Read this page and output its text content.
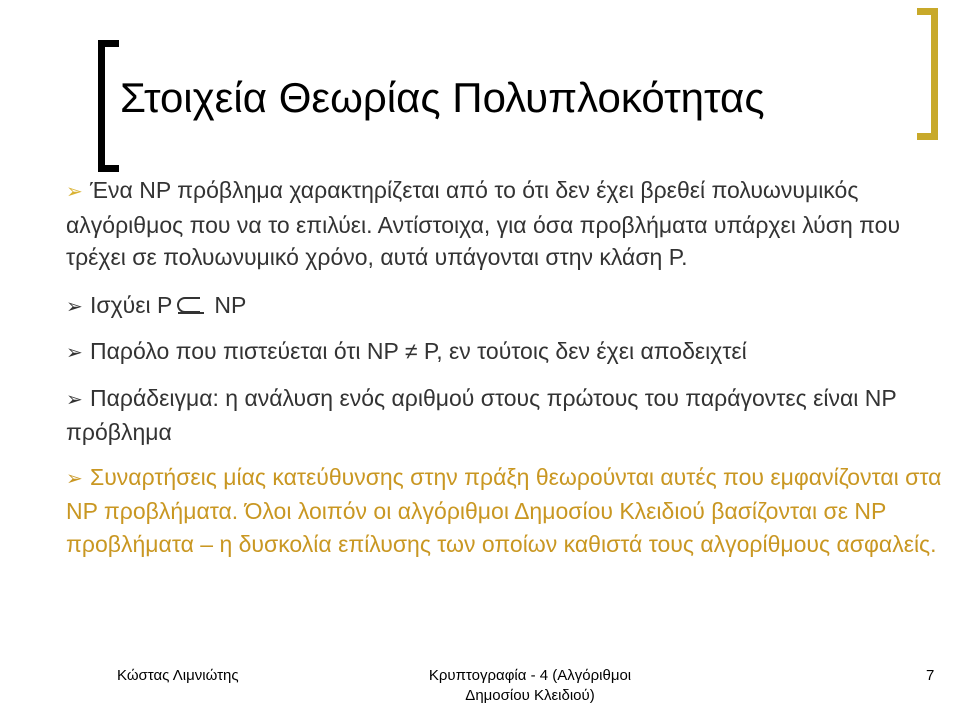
Στοιχεία Θεωρίας Πολυπλοκότητας

➢ Ένα NP πρόβλημα χαρακτηρίζεται από το ότι δεν έχει βρεθεί πολυωνυμικός αλγόριθμος που να το επιλύει. Αντίστοιχα, για όσα προβλήματα υπάρχει λύση που τρέχει σε πολυωνυμικό χρόνο, αυτά υπάγονται στην κλάση P.

➢ Ισχύει P NP

➢ Παρόλο που πιστεύεται ότι NP ≠ P, εν τούτοις δεν έχει αποδειχτεί

➢ Παράδειγμα: η ανάλυση ενός αριθμού στους πρώτους του παράγοντες είναι NP πρόβλημα

➢ Συναρτήσεις μίας κατεύθυνσης στην πράξη θεωρούνται αυτές που εμφανίζονται στα NP προβλήματα. Όλοι λοιπόν οι αλγόριθμοι Δημοσίου Κλειδιού βασίζονται σε NP προβλήματα – η δυσκολία επίλυσης των οποίων καθιστά τους αλγορίθμους ασφαλείς.

Κώστας Λιμνιώτης	Κρυπτογραφία - 4 (Αλγόριθμοι Δημοσίου Κλειδιού)
7
